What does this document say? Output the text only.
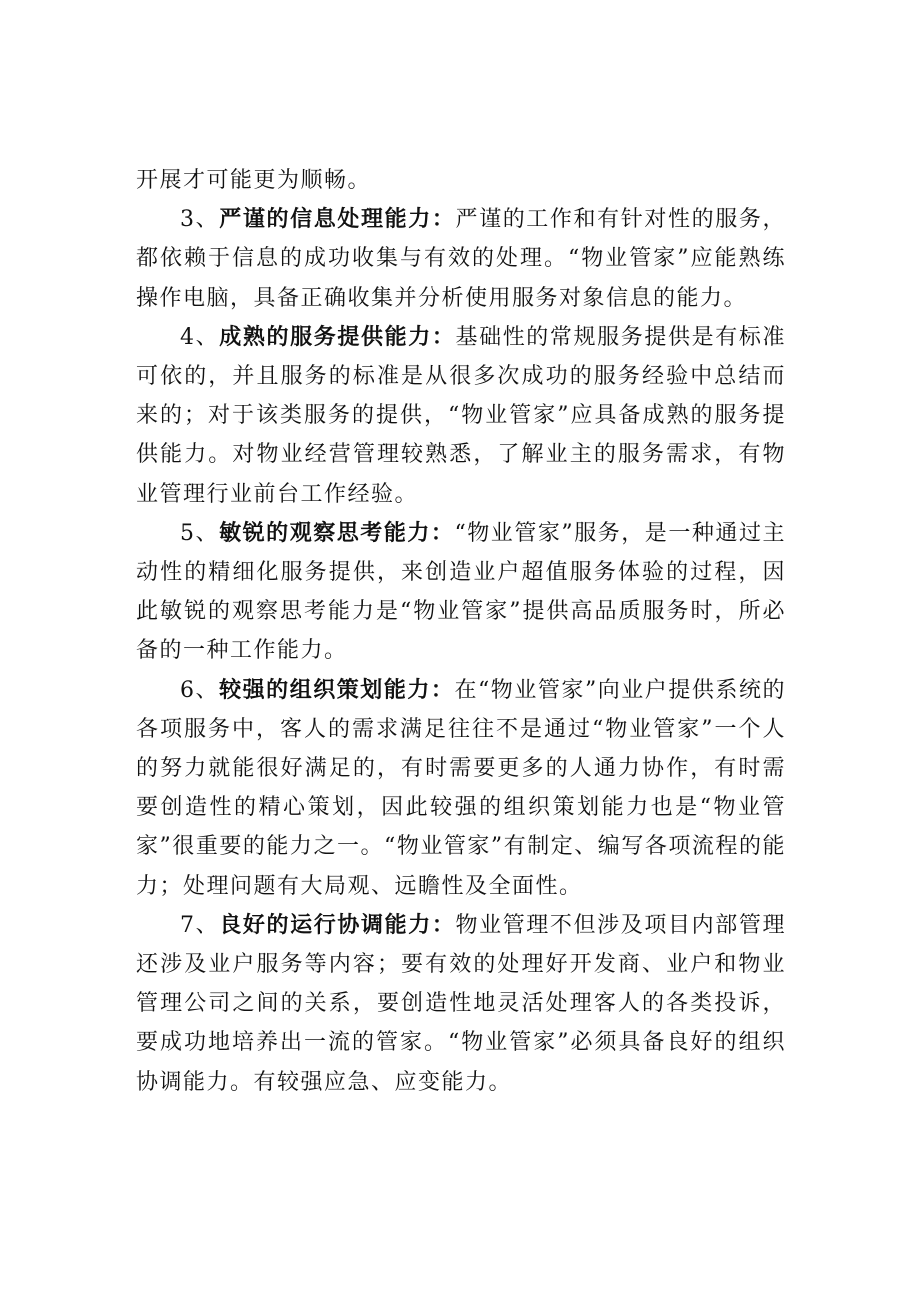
开展才可能更为顺畅。

3、严谨的信息处理能力：严谨的工作和有针对性的服务，都依赖于信息的成功收集与有效的处理。“物业管家”应能熟练操作电脑，具备正确收集并分析使用服务对象信息的能力。

4、成熟的服务提供能力：基础性的常规服务提供是有标准可依的，并且服务的标准是从很多次成功的服务经验中总结而来的；对于该类服务的提供，“物业管家”应具备成熟的服务提供能力。对物业经营管理较熟悉，了解业主的服务需求，有物业管理行业前台工作经验。

5、敏锐的观察思考能力：“物业管家”服务，是一种通过主动性的精细化服务提供，来创造业户超值服务体验的过程，因此敏锐的观察思考能力是“物业管家”提供高品质服务时，所必备的一种工作能力。

6、较强的组织策划能力：在“物业管家”向业户提供系统的各项服务中，客人的需求满足往往不是通过“物业管家”一个人的努力就能很好满足的，有时需要更多的人通力协作，有时需要创造性的精心策划，因此较强的组织策划能力也是“物业管家”很重要的能力之一。“物业管家”有制定、编写各项流程的能力；处理问题有大局观、远瞻性及全面性。

7、良好的运行协调能力：物业管理不但涉及项目内部管理还涉及业户服务等内容；要有效的处理好开发商、业户和物业管理公司之间的关系，要创造性地灵活处理客人的各类投诉，要成功地培养出一流的管家。“物业管家”必须具备良好的组织协调能力。有较强应急、应变能力。
